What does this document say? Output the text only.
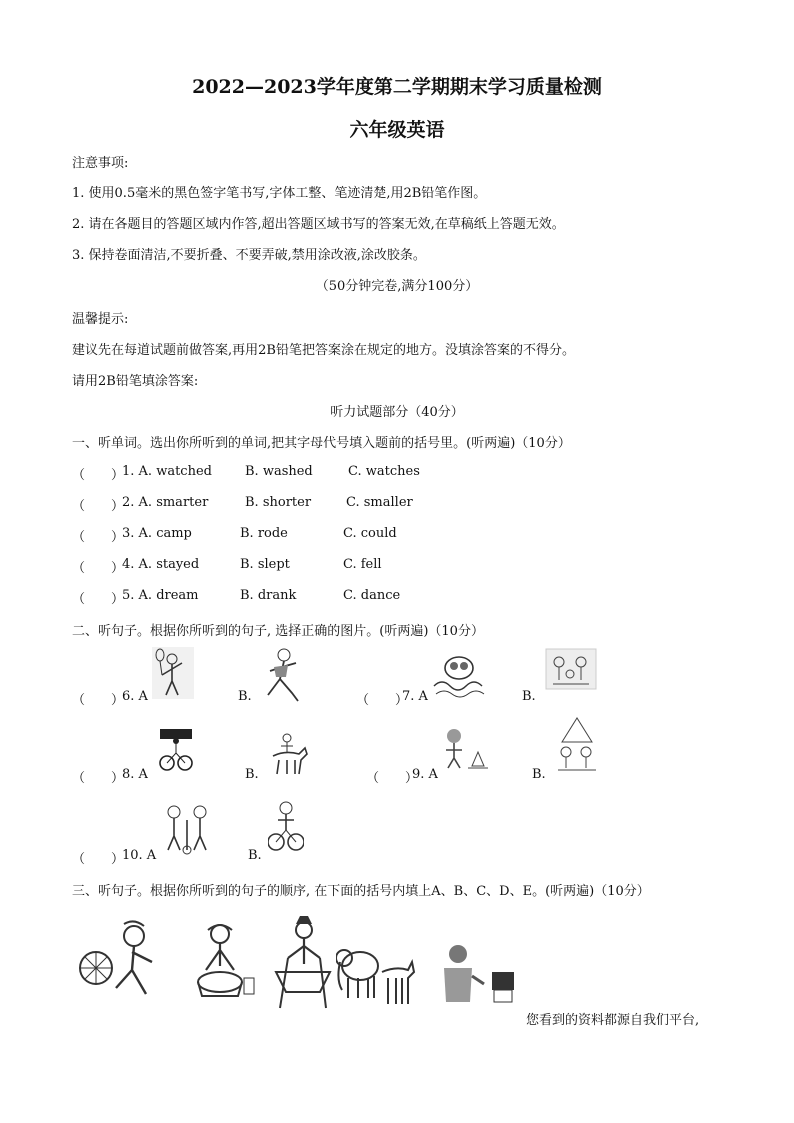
2022—2023学年度第二学期期末学习质量检测
六年级英语
注意事项:
1. 使用0.5毫米的黑色签字笔书写,字体工整、笔迹清楚,用2B铅笔作图。
2. 请在各题目的答题区域内作答,超出答题区域书写的答案无效,在草稿纸上答题无效。
3. 保持卷面清洁,不要折叠、不要弄破,禁用涂改液,涂改胶条。
（50分钟完卷,满分100分）
温馨提示:
建议先在每道试题前做答案,再用2B铅笔把答案涂在规定的地方。没填涂答案的不得分。
请用2B铅笔填涂答案:
听力试题部分（40分）
一、听单词。选出你所听到的单词,把其字母代号填入题前的括号里。(听两遍)（10分）
（　　）
1. A. watched	B. washed	C. watches
（　　）
2. A. smarter	B. shorter	C. smaller
（　　）
3. A. camp	B. rode	C. could
（　　）
4. A. stayed	B. slept	C. fell
（　　）
5. A. dream	B. drank	C. dance
二、听句子。根据你所听到的句子, 选择正确的图片。(听两遍)（10分）
（　　）
6. A	B.	（　　）
7. A	B.
（　　）
8. A	B.	（　　）
9. A	B.
（　　）
10. A	B.
三、听句子。根据你所听到的句子的顺序, 在下面的括号内填上A、B、C、D、E。(听两遍)（10分）
您看到的资料都源自我们平台,
